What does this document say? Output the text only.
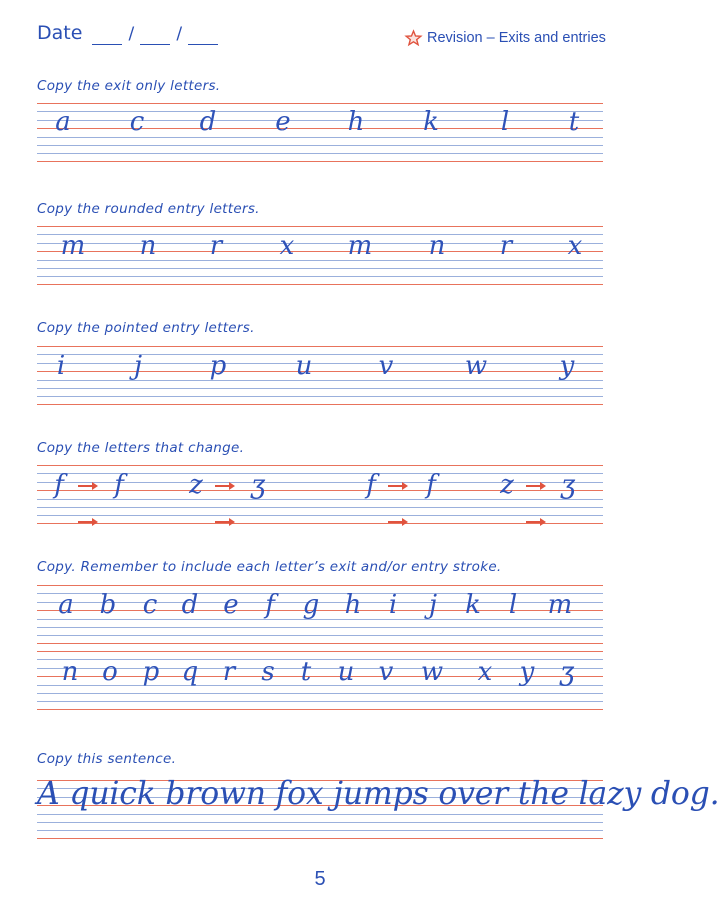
Date	/ /	Revision – Exits and entries
Copy the exit only letters.
a c d e h k l t
Copy the rounded entry letters.
m n r x m n r x
Copy the pointed entry letters.
i	j	p	u	v	w	y
Copy the letters that change.
f f	z ʒ	f f z ʒ
Copy. Remember to include each letter’s exit and/or entry stroke.
a b c d e f g h i j k l m
n o p q r s t u v w x y ʒ
Copy this sentence.
A quick brown fox jumps over the lazy dog.
5
